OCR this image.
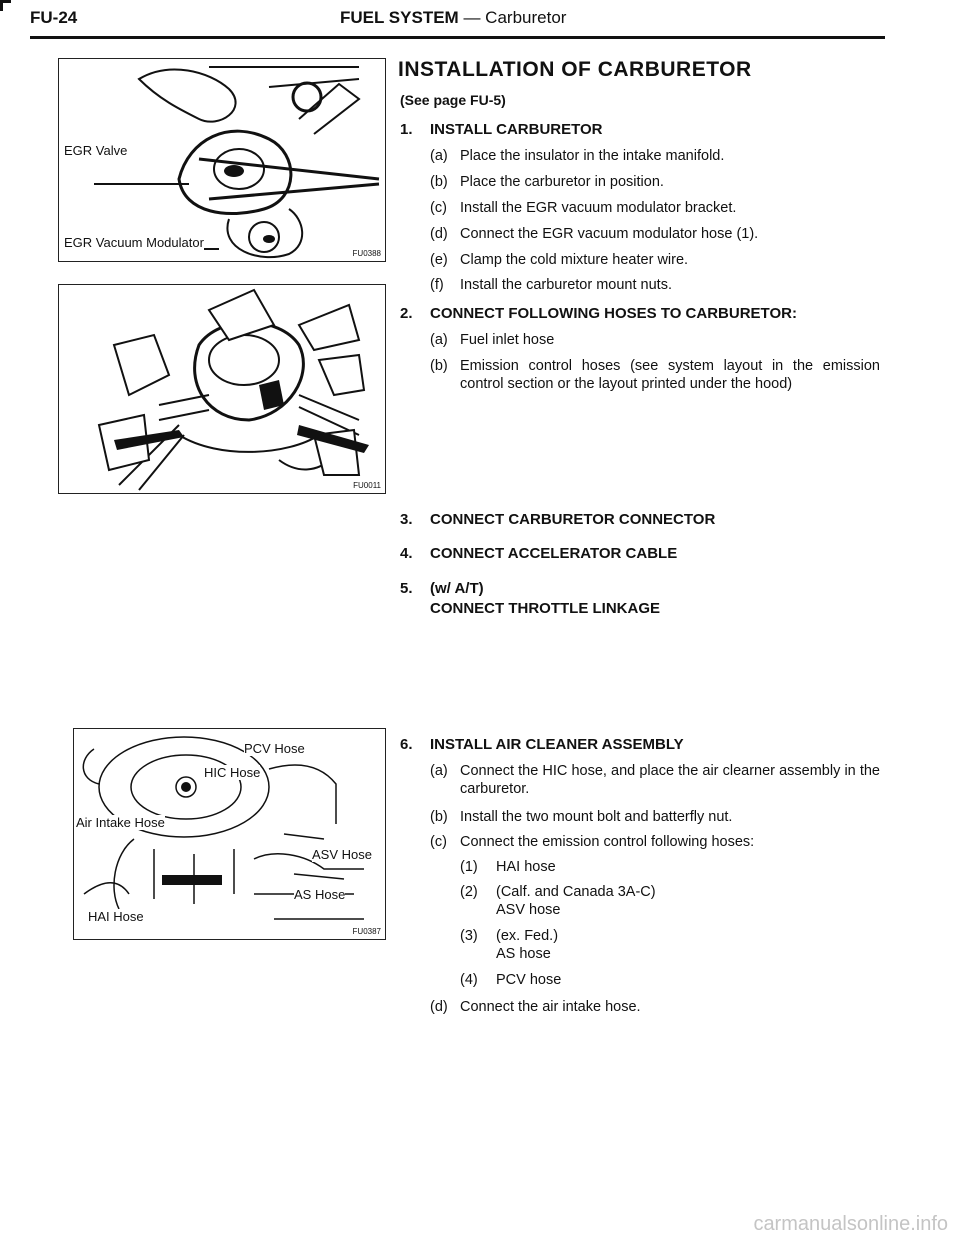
FU-24	FUEL SYSTEM — Carburetor
EGR Valve
EGR Vacuum Modulator
FU0388
FU0011
PCV Hose
HIC Hose
Air Intake Hose
ASV Hose
AS Hose
HAI Hose
FU0387
INSTALLATION OF CARBURETOR
(See page FU-5)
1. INSTALL CARBURETOR
(a) Place the insulator in the intake manifold.
(b) Place the carburetor in position.
(c) Install the EGR vacuum modulator bracket.
(d) Connect the EGR vacuum modulator hose (1).
(e) Clamp the cold mixture heater wire.
(f) Install the carburetor mount nuts.
2. CONNECT FOLLOWING HOSES TO CARBURETOR:
(a) Fuel inlet hose
(b) Emission control hoses (see system layout in the emission control section or the layout printed under the hood)
3. CONNECT CARBURETOR CONNECTOR
4. CONNECT ACCELERATOR CABLE
5. (w/ A/T)
CONNECT THROTTLE LINKAGE
6. INSTALL AIR CLEANER ASSEMBLY
(a) Connect the HIC hose, and place the air clearner assembly in the carburetor.
(b) Install the two mount bolt and batterfly nut.
(c) Connect the emission control following hoses:
(1) HAI hose
(2) (Calf. and Canada 3A-C)
ASV hose
(3) (ex. Fed.)
AS hose
(4) PCV hose
(d) Connect the air intake hose.
carmanualsonline.info
